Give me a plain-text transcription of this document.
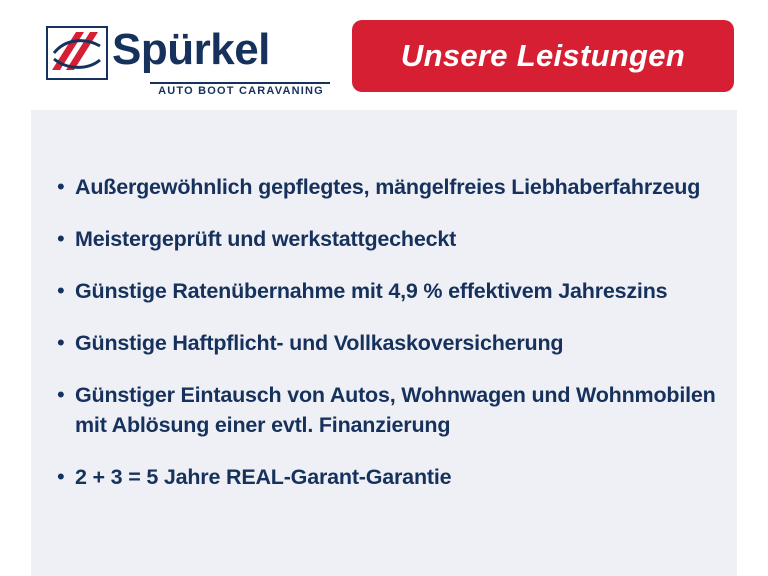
Spürkel
AUTO BOOT CARAVANING
Unsere Leistungen
• Außergewöhnlich gepflegtes, mängelfreies Liebhaberfahrzeug
• Meistergeprüft und werkstattgecheckt
• Günstige Ratenübernahme mit 4,9 % effektivem Jahreszins
• Günstige Haftpflicht- und Vollkaskoversicherung
• Günstiger Eintausch von Autos, Wohnwagen und Wohnmobilen
mit Ablösung einer evtl. Finanzierung
• 2 + 3 = 5 Jahre REAL-Garant-Garantie
